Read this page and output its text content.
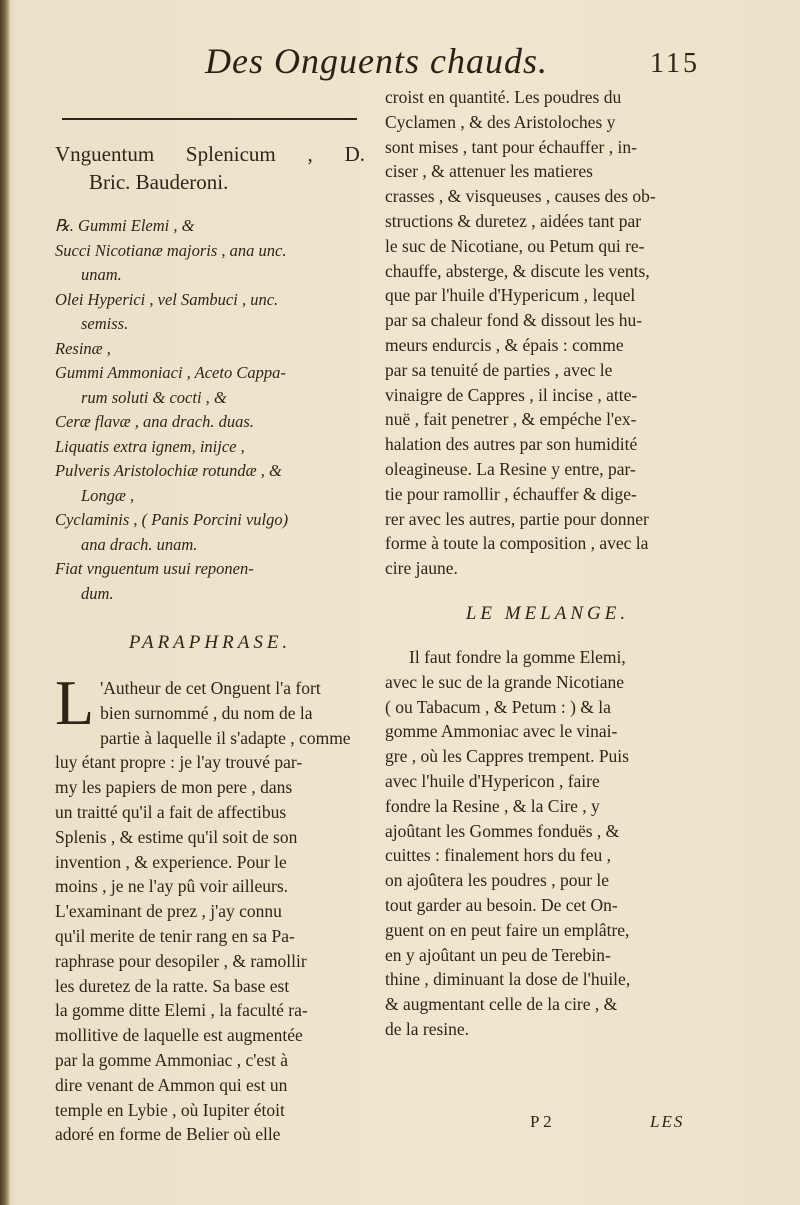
Des Onguents chauds.	115
Vnguentum Splenicum , D.
Bric. Bauderoni.
℞. Gummi Elemi , &
Succi Nicotianæ majoris , ana unc.
unam.
Olei Hyperici , vel Sambuci , unc.
semiss.
Resinæ ,
Gummi Ammoniaci , Aceto Cappa-
rum soluti & cocti , &
Ceræ flavæ , ana drach. duas.
Liquatis extra ignem, inijce ,
Pulveris Aristolochiæ rotundæ , &
Longæ ,
Cyclaminis , ( Panis Porcini vulgo)
ana drach. unam.
Fiat vnguentum usui reponen-
dum.
PARAPHRASE.
L 'Autheur de cet Onguent l'a fort
bien surnommé , du nom de la
partie à laquelle il s'adapte , comme
luy étant propre : je l'ay trouvé par-
my les papiers de mon pere , dans
un traitté qu'il a fait de affectibus
Splenis , & estime qu'il soit de son
invention , & experience. Pour le
moins , je ne l'ay pû voir ailleurs.
L'examinant de prez , j'ay connu
qu'il merite de tenir rang en sa Pa-
raphrase pour desopiler , & ramollir
les duretez de la ratte. Sa base est
la gomme ditte Elemi , la faculté ra-
mollitive de laquelle est augmentée
par la gomme Ammoniac , c'est à
dire venant de Ammon qui est un
temple en Lybie , où Iupiter étoit
adoré en forme de Belier où elle
croist en quantité. Les poudres du
Cyclamen , & des Aristoloches y
sont mises , tant pour échauffer , in-
ciser , & attenuer les matieres
crasses , & visqueuses , causes des ob-
structions & duretez , aidées tant par
le suc de Nicotiane, ou Petum qui re-
chauffe, absterge, & discute les vents,
que par l'huile d'Hypericum , lequel
par sa chaleur fond & dissout les hu-
meurs endurcis , & épais : comme
par sa tenuité de parties , avec le
vinaigre de Cappres , il incise , atte-
nuë , fait penetrer , & empéche l'ex-
halation des autres par son humidité
oleagineuse. La Resine y entre, par-
tie pour ramollir , échauffer & dige-
rer avec les autres, partie pour donner
forme à toute la composition , avec la
cire jaune.
LE MELANGE.
Il faut fondre la gomme Elemi,
avec le suc de la grande Nicotiane
( ou Tabacum , & Petum : ) & la
gomme Ammoniac avec le vinai-
gre , où les Cappres trempent. Puis
avec l'huile d'Hypericon , faire
fondre la Resine , & la Cire , y
ajoûtant les Gommes fonduës , &
cuittes : finalement hors du feu ,
on ajoûtera les poudres , pour le
tout garder au besoin. De cet On-
guent on en peut faire un emplâtre,
en y ajoûtant un peu de Terebin-
thine , diminuant la dose de l'huile,
& augmentant celle de la cire , &
de la resine.
P 2	LES
